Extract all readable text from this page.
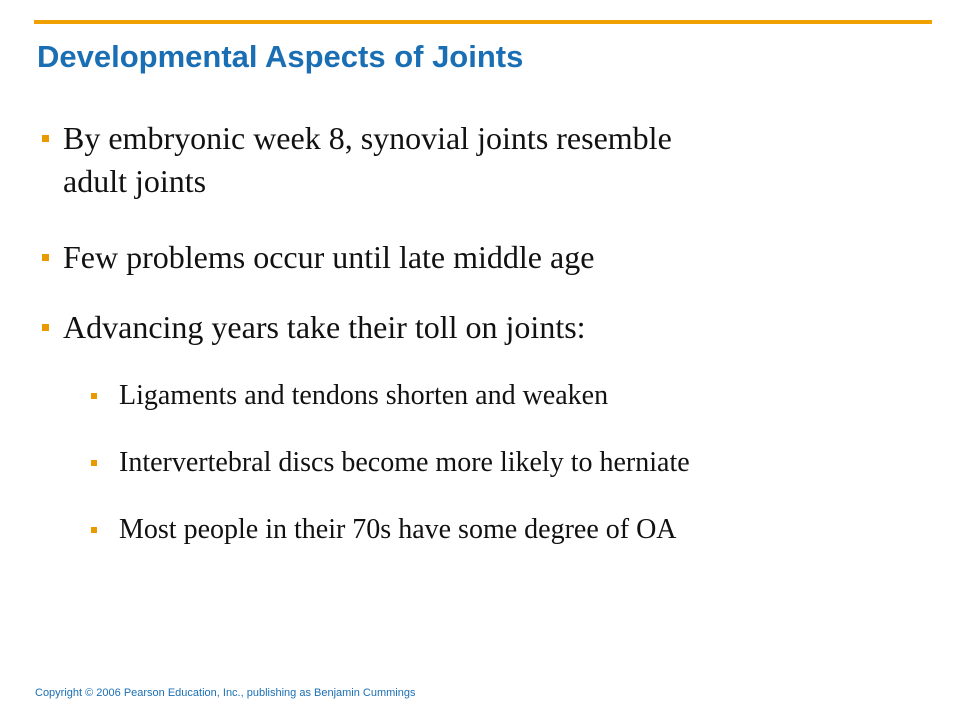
Developmental Aspects of Joints
By embryonic week 8, synovial joints resemble
adult joints
Few problems occur until late middle age
Advancing years take their toll on joints:
Ligaments and tendons shorten and weaken
Intervertebral discs become more likely to herniate
Most people in their 70s have some degree of OA
Copyright © 2006 Pearson Education, Inc., publishing as Benjamin Cummings
